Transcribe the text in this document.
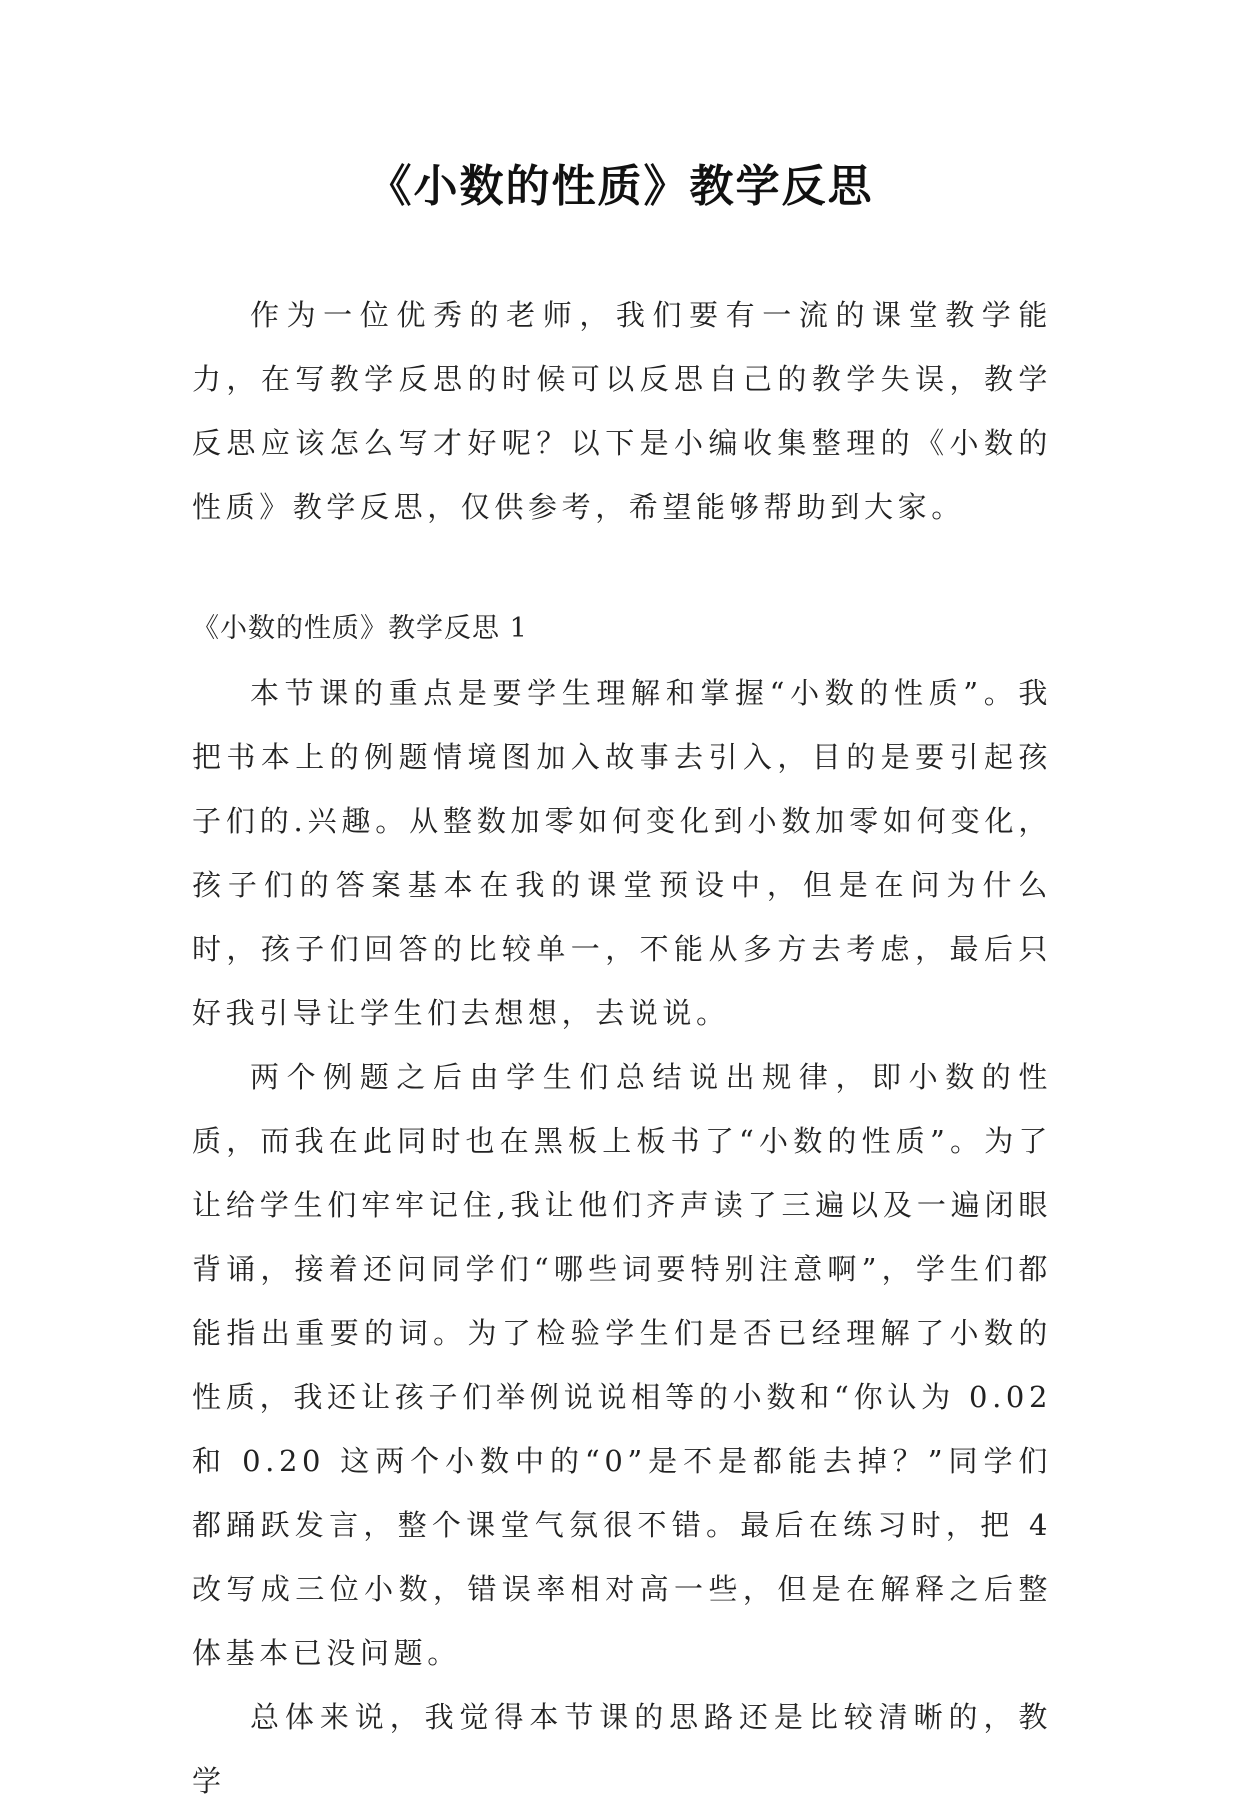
《小数的性质》教学反思

作为一位优秀的老师，我们要有一流的课堂教学能力，在写教学反思的时候可以反思自己的教学失误，教学反思应该怎么写才好呢？以下是小编收集整理的《小数的性质》教学反思，仅供参考，希望能够帮助到大家。

《小数的性质》教学反思 1

本节课的重点是要学生理解和掌握“小数的性质”。我把书本上的例题情境图加入故事去引入，目的是要引起孩子们的.兴趣。从整数加零如何变化到小数加零如何变化，孩子们的答案基本在我的课堂预设中，但是在问为什么时，孩子们回答的比较单一，不能从多方去考虑，最后只好我引导让学生们去想想，去说说。

两个例题之后由学生们总结说出规律，即小数的性质，而我在此同时也在黑板上板书了“小数的性质”。为了让给学生们牢牢记住,我让他们齐声读了三遍以及一遍闭眼背诵，接着还问同学们“哪些词要特别注意啊”，学生们都能指出重要的词。为了检验学生们是否已经理解了小数的性质，我还让孩子们举例说说相等的小数和“你认为 0.02 和 0.20 这两个小数中的“0”是不是都能去掉？”同学们都踊跃发言，整个课堂气氛很不错。最后在练习时，把 4 改写成三位小数，错误率相对高一些，但是在解释之后整体基本已没问题。

总体来说，我觉得本节课的思路还是比较清晰的，教学
